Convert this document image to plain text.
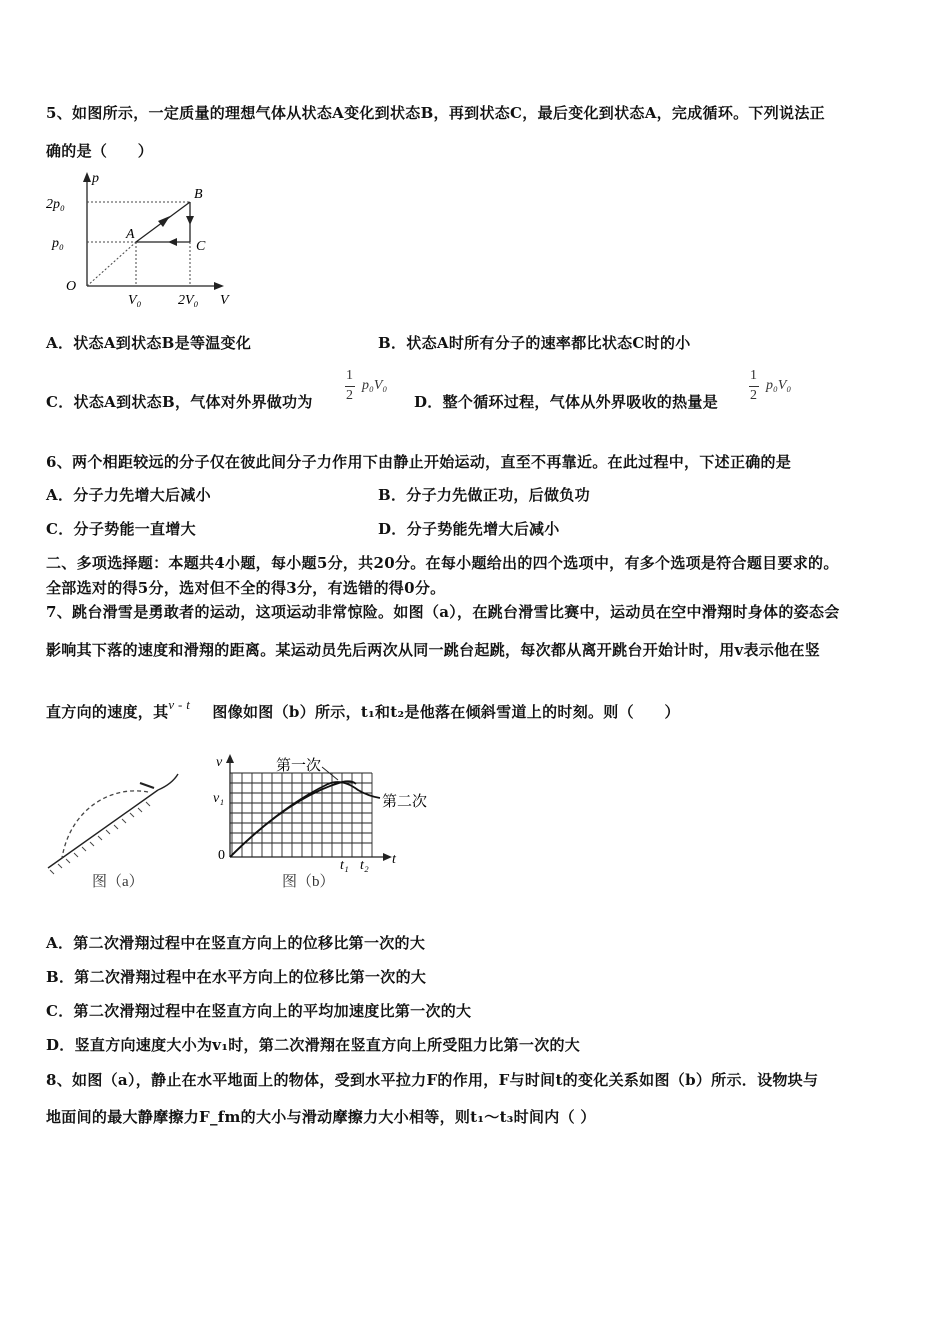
5、如图所示，一定质量的理想气体从状态A变化到状态B，再到状态C，最后变化到状态A，完成循环。下列说法正
确的是（　　）
p
V
O
2p₀
p₀
V₀	2V₀
A
B
C
A．状态A到状态B是等温变化	B．状态A时所有分子的速率都比状态C时的小
C．状态A到状态B，气体对外界做功为
1
2
p₀V₀
D．整个循环过程，气体从外界吸收的热量是
1
2
p₀V₀
6、两个相距较远的分子仅在彼此间分子力作用下由静止开始运动，直至不再靠近。在此过程中，下述正确的是
A．分子力先增大后减小	B．分子力先做正功，后做负功
C．分子势能一直增大	D．分子势能先增大后减小
二、多项选择题：本题共4小题，每小题5分，共20分。在每小题给出的四个选项中，有多个选项是符合题目要求的。
全部选对的得5分，选对但不全的得3分，有选错的得0分。
7、跳台滑雪是勇敢者的运动，这项运动非常惊险。如图（a），在跳台滑雪比赛中，运动员在空中滑翔时身体的姿态会
影响其下落的速度和滑翔的距离。某运动员先后两次从同一跳台起跳，每次都从离开跳台开始计时，用v表示他在竖
直方向的速度，其 v - t 图像如图（b）所示，t₁和t₂是他落在倾斜雪道上的时刻。则（　　）
图（a）
v
t
0
v₁
t₁ t₂
第一次
第二次
图（b）
A．第二次滑翔过程中在竖直方向上的位移比第一次的大
B．第二次滑翔过程中在水平方向上的位移比第一次的大
C．第二次滑翔过程中在竖直方向上的平均加速度比第一次的大
D．竖直方向速度大小为v₁时，第二次滑翔在竖直方向上所受阻力比第一次的大
8、如图（a），静止在水平地面上的物体，受到水平拉力F的作用，F与时间t的变化关系如图（b）所示．设物块与
地面间的最大静摩擦力F_fm的大小与滑动摩擦力大小相等，则t₁～t₃时间内（ ）
